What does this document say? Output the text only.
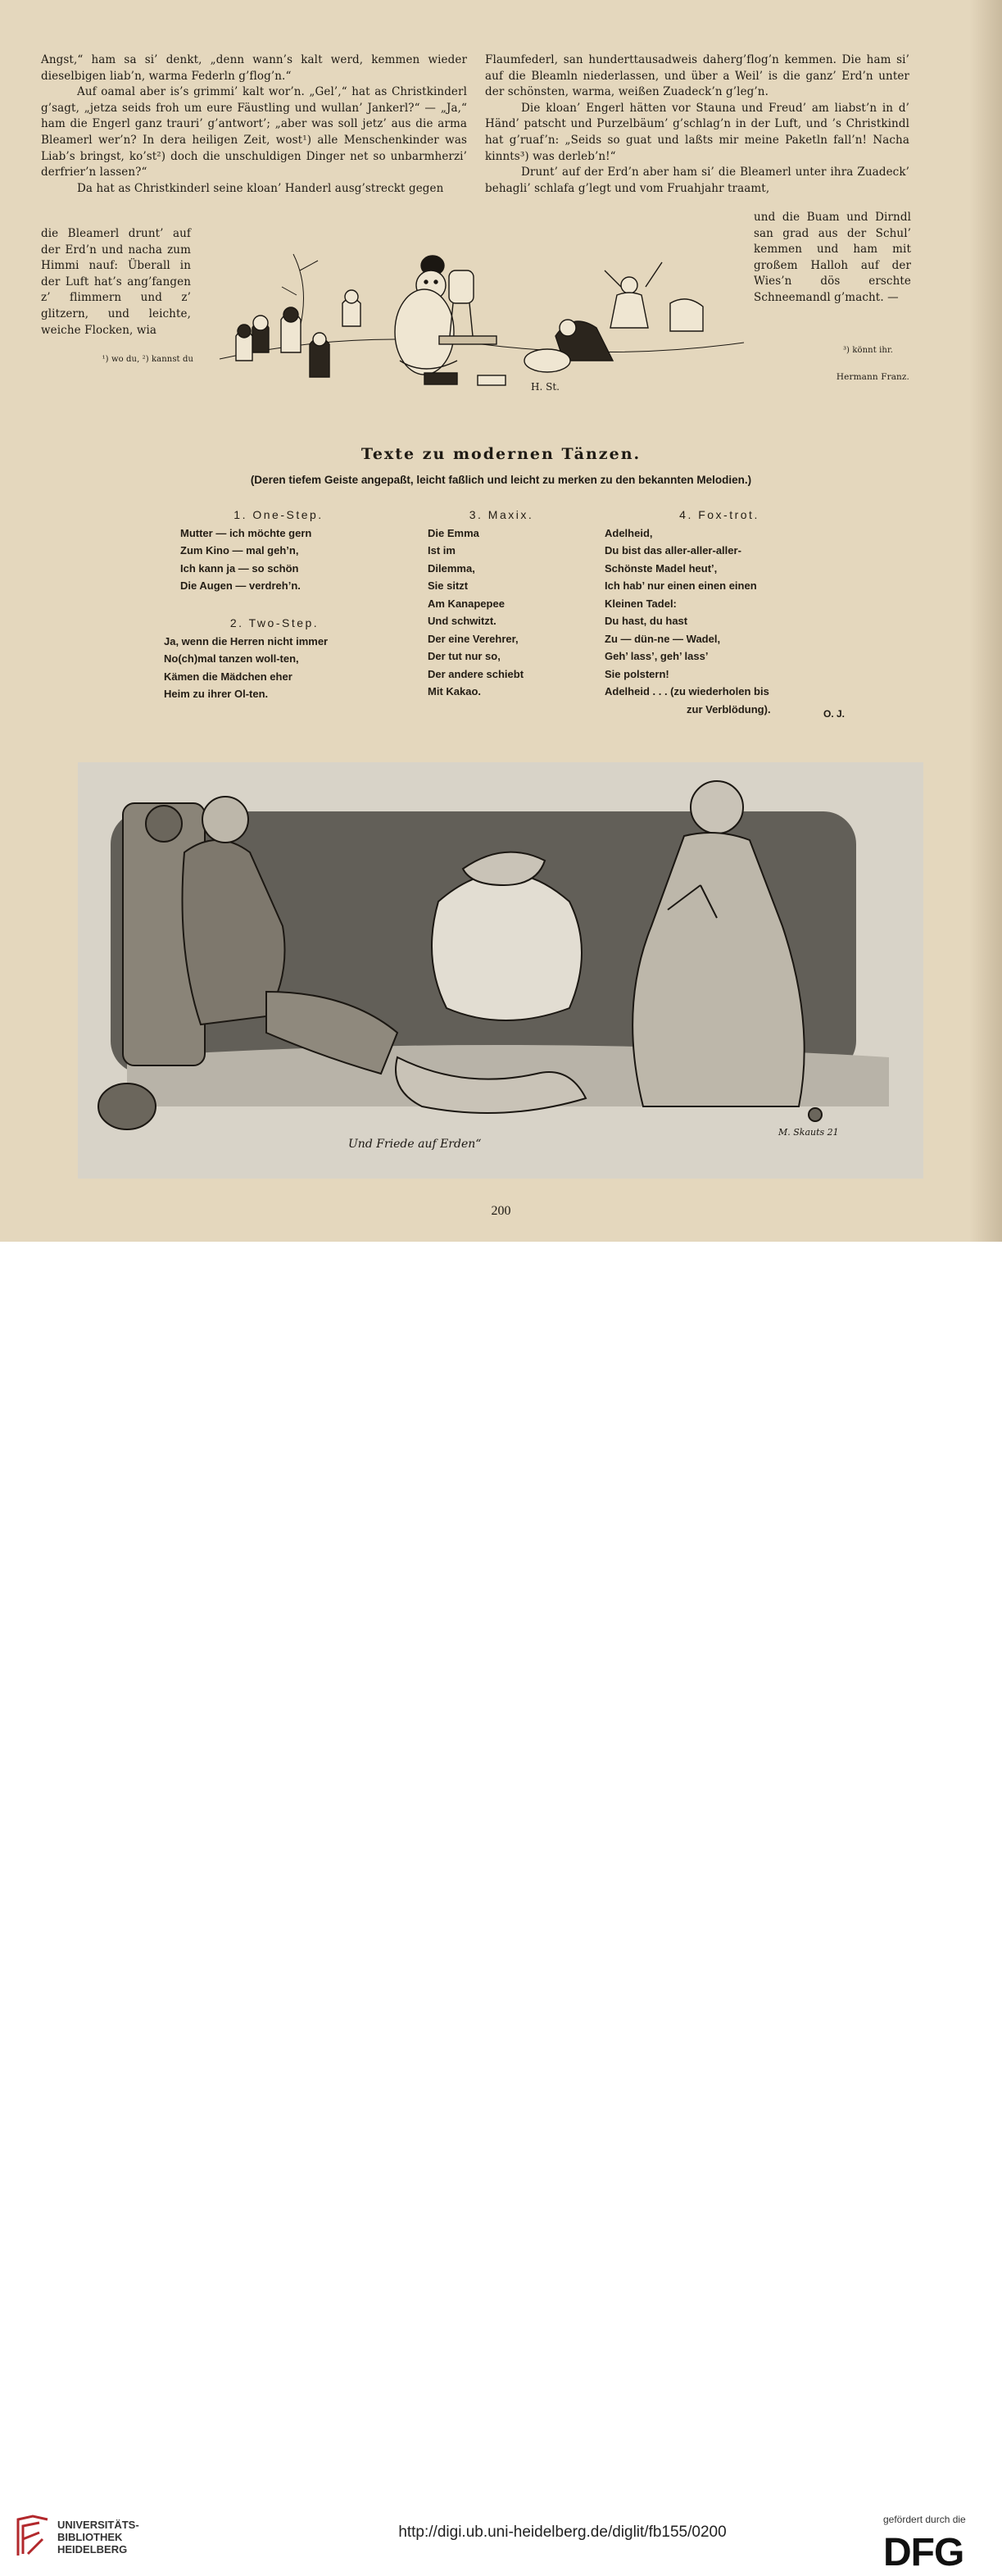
Angst,“ ham sa si’ denkt, „denn wann’s kalt werd, kemmen wieder dieselbigen liab’n, warma Federln g’flog’n.“

Auf oamal aber is’s grimmi’ kalt wor’n. „Gel’,“ hat as Christkinderl g’sagt, „jetza seids froh um eure Fäustling und wullan’ Jankerl?“ — „Ja,“ ham die Engerl ganz trauri’ g’antwort’; „aber was soll jetz’ aus die arma Bleamerl wer’n? In dera heiligen Zeit, wost¹) alle Menschenkinder was Liab’s bringst, ko’st²) doch die unschuldigen Dinger net so unbarmherzi’ derfrier’n lassen?“

Da hat as Christkinderl seine kloan’ Handerl ausg’streckt gegen

die Bleamerl drunt’ auf der Erd’n und nacha zum Himmi nauf: Überall in der Luft hat’s ang’fangen z’ flimmern und z’ glitzern, und leichte, weiche Flocken, wia

¹) wo du, ²) kannst du

Flaumfederl, san hunderttausadweis daherg’flog’n kemmen. Die ham si’ auf die Bleamln niederlassen, und über a Weil’ is die ganz’ Erd’n unter der schönsten, warma, weißen Zuadeck’n g’leg’n.

Die kloan’ Engerl hätten vor Stauna und Freud’ am liabst’n in d’ Händ’ patscht und Purzelbäum’ g’schlag’n in der Luft, und ’s Christkindl hat g’ruaf’n: „Seids so guat und laßts mir meine Paketln fall’n! Nacha kinnts³) was derleb’n!“

Drunt’ auf der Erd’n aber ham si’ die Bleamerl unter ihra Zuadeck’ behagli’ schlafa g’legt und vom Fruahjahr traamt,

und die Buam und Dirndl san grad aus der Schul’ kemmen und ham mit großem Halloh auf der Wies’n dös erschte Schneemandl g’macht. —

³) könnt ihr.
Hermann Franz.
H. St.
Texte zu modernen Tänzen.
(Deren tiefem Geiste angepaßt, leicht faßlich und leicht zu merken zu den bekannten Melodien.)
1. One-Step.
Mutter — ich möchte gern
Zum Kino — mal geh’n,
Ich kann ja — so schön
Die Augen — verdreh’n.
2. Two-Step.
Ja, wenn die Herren nicht immer
No(ch)mal tanzen woll-ten,
Kämen die Mädchen eher
Heim zu ihrer Ol-ten.
3. Maxix.
Die Emma
Ist im
Dilemma,
Sie sitzt
Am Kanapepee
Und schwitzt.
Der eine Verehrer,
Der tut nur so,
Der andere schiebt
Mit Kakao.
4. Fox-trot.
Adelheid,
Du bist das aller-aller-aller-
Schönste Madel heut’,
Ich hab’ nur einen einen einen
Kleinen Tadel:
Du hast, du hast
Zu — dün-ne — Wadel,
Geh’ lass’, geh’ lass’
Sie polstern!
Adelheid . . . (zu wiederholen bis
zur Verblödung).	O. J.
Und Friede auf Erden“
M. Skauts 21
200
UNIVERSITÄTS-
BIBLIOTHEK
HEIDELBERG
http://digi.ub.uni-heidelberg.de/diglit/fb155/0200
gefördert durch die
DFG
